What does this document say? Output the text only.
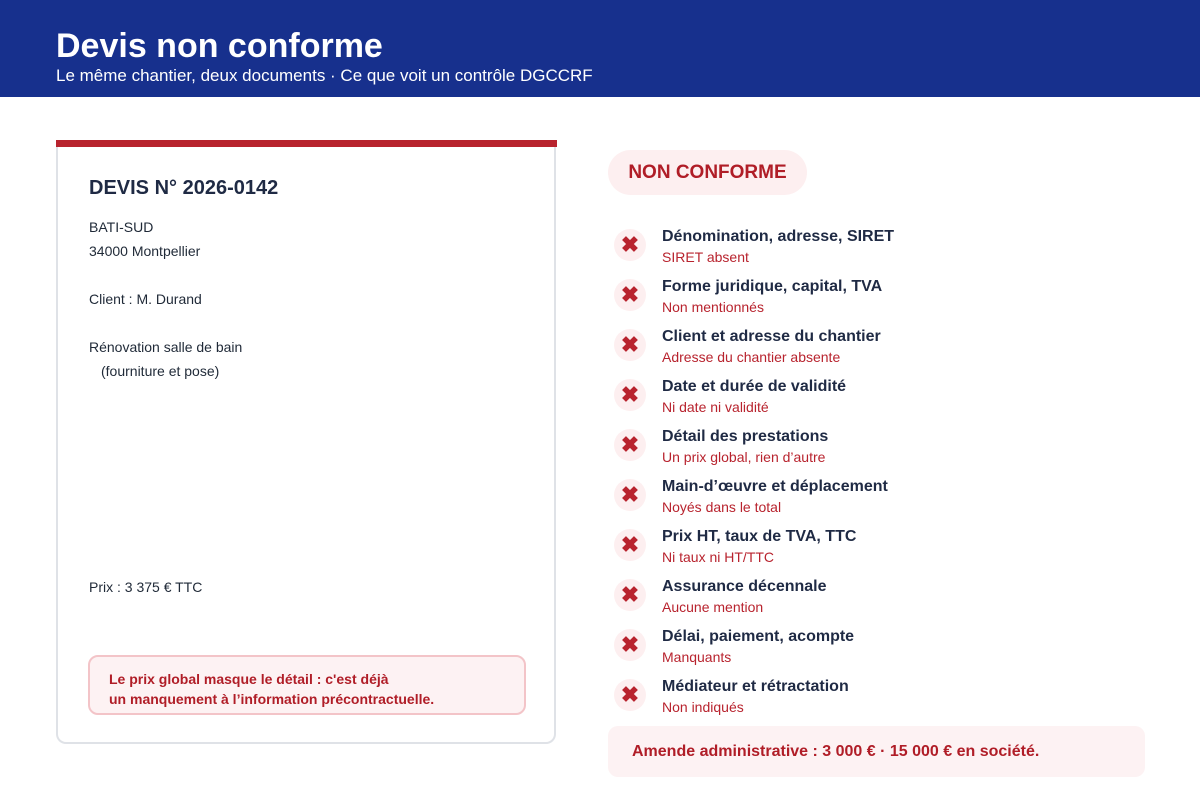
Devis non conforme
Le même chantier, deux documents · Ce que voit un contrôle DGCCRF
DEVIS N° 2026-0142
BATI-SUD
34000 Montpellier
Client : M. Durand
Rénovation salle de bain
(fourniture et pose)
Prix : 3 375 € TTC
Le prix global masque le détail : c'est déjà
un manquement à l’information précontractuelle.
NON CONFORME
✖	Dénomination, adresse, SIRET
SIRET absent
✖	Forme juridique, capital, TVA
Non mentionnés
✖	Client et adresse du chantier
Adresse du chantier absente
✖	Date et durée de validité
Ni date ni validité
✖	Détail des prestations
Un prix global, rien d’autre
✖	Main-d’œuvre et déplacement
Noyés dans le total
✖	Prix HT, taux de TVA, TTC
Ni taux ni HT/TTC
✖	Assurance décennale
Aucune mention
✖	Délai, paiement, acompte
Manquants
✖	Médiateur et rétractation
Non indiqués
Amende administrative : 3 000 € · 15 000 € en société.
